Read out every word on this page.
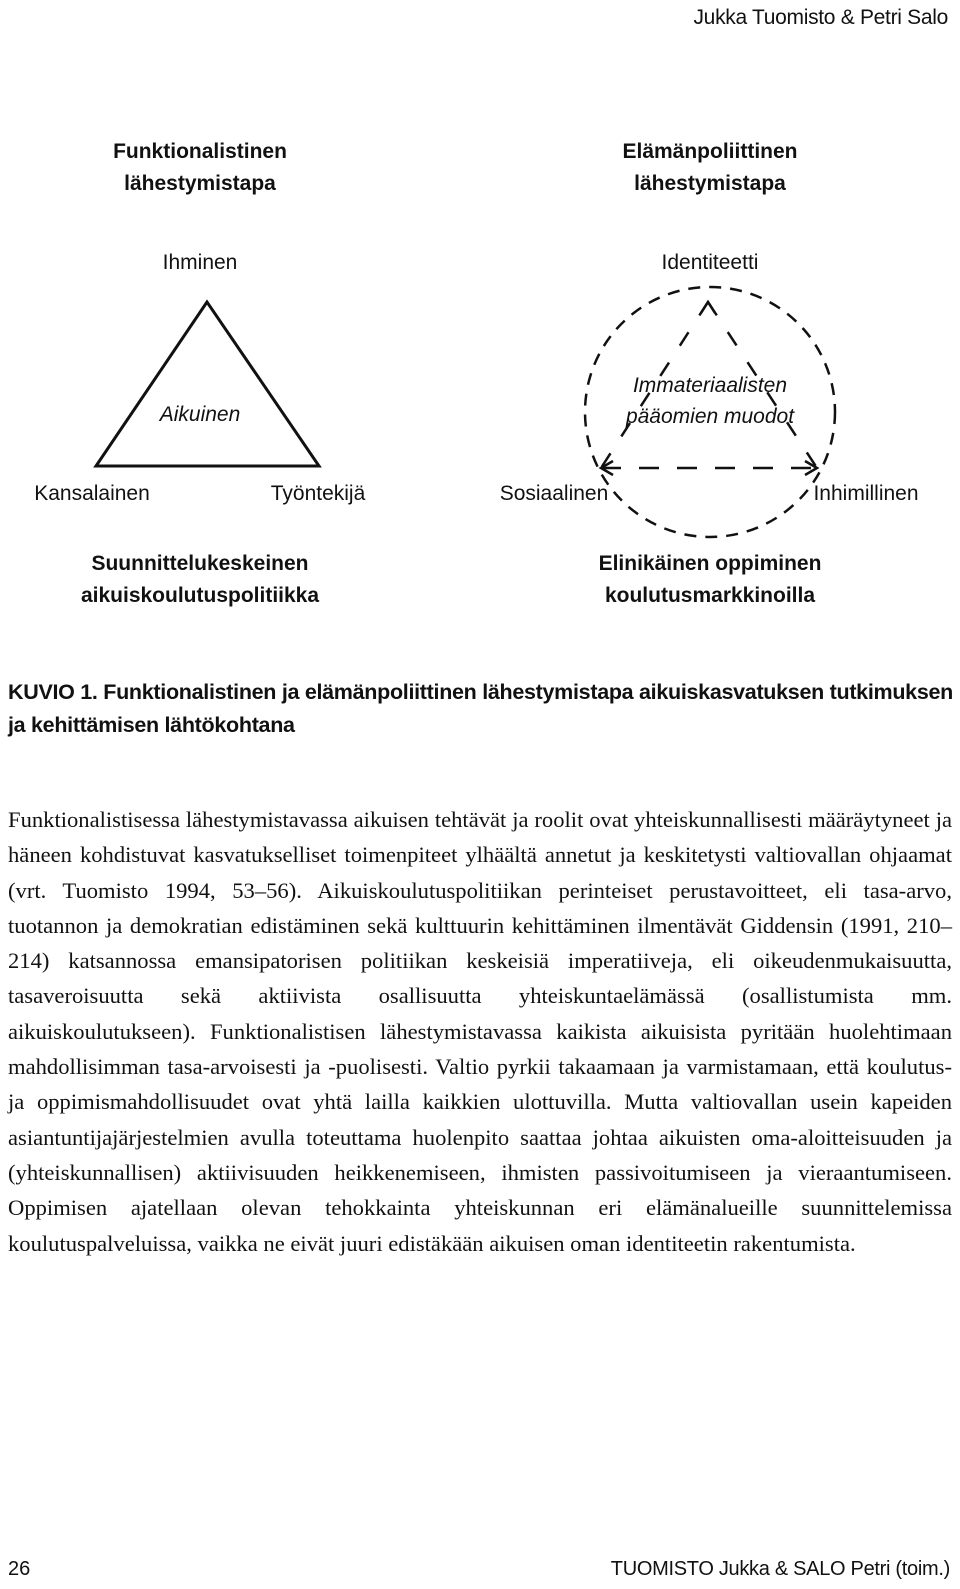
Jukka Tuomisto & Petri Salo
Funktionalistinen
lähestymistapa
Ihminen
Aikuinen
Kansalainen	Työntekijä
Suunnittelukeskeinen
aikuiskoulutuspolitiikka
Elämänpoliittinen
lähestymistapa
Identiteetti
Immateriaalisten
pääomien muodot
Sosiaalinen	Inhimillinen
Elinikäinen oppiminen
koulutusmarkkinoilla
KUVIO 1. Funktionalistinen ja elämänpoliittinen lähestymistapa aikuiskasvatuksen tutkimuksen ja kehittämisen lähtökohtana

Funktionalistisessa lähestymistavassa aikuisen tehtävät ja roolit ovat yhteiskunnallisesti määräytyneet ja häneen kohdistuvat kasvatukselliset toimenpiteet ylhäältä annetut ja keskitetysti valtiovallan ohjaamat (vrt. Tuomisto 1994, 53–56). Aikuiskoulutuspolitiikan perinteiset perustavoitteet, eli tasa-arvo, tuotannon ja demokratian edistäminen sekä kulttuurin kehittäminen ilmentävät Giddensin (1991, 210–214) katsannossa emansipatorisen politiikan keskeisiä imperatiiveja, eli oikeudenmukaisuutta, tasaveroisuutta sekä aktiivista osallisuutta yhteiskuntaelämässä (osallistumista mm. aikuiskoulutukseen). Funktionalistisen lähestymistavassa kaikista aikuisista pyritään huolehtimaan mahdollisimman tasa-arvoisesti ja -puolisesti. Valtio pyrkii takaamaan ja varmistamaan, että koulutus- ja oppimismahdollisuudet ovat yhtä lailla kaikkien ulottuvilla. Mutta valtiovallan usein kapeiden asiantuntijajärjestelmien avulla toteuttama huolenpito saattaa johtaa aikuisten oma-aloitteisuuden ja (yhteiskunnallisen) aktiivisuuden heikkenemiseen, ihmisten passivoitumiseen ja vieraantumiseen. Oppimisen ajatellaan olevan tehokkainta yhteiskunnan eri elämänalueille suunnittelemissa koulutuspalveluissa, vaikka ne eivät juuri edistäkään aikuisen oman identiteetin rakentumista.

26	TUOMISTO Jukka & SALO Petri (toim.)
